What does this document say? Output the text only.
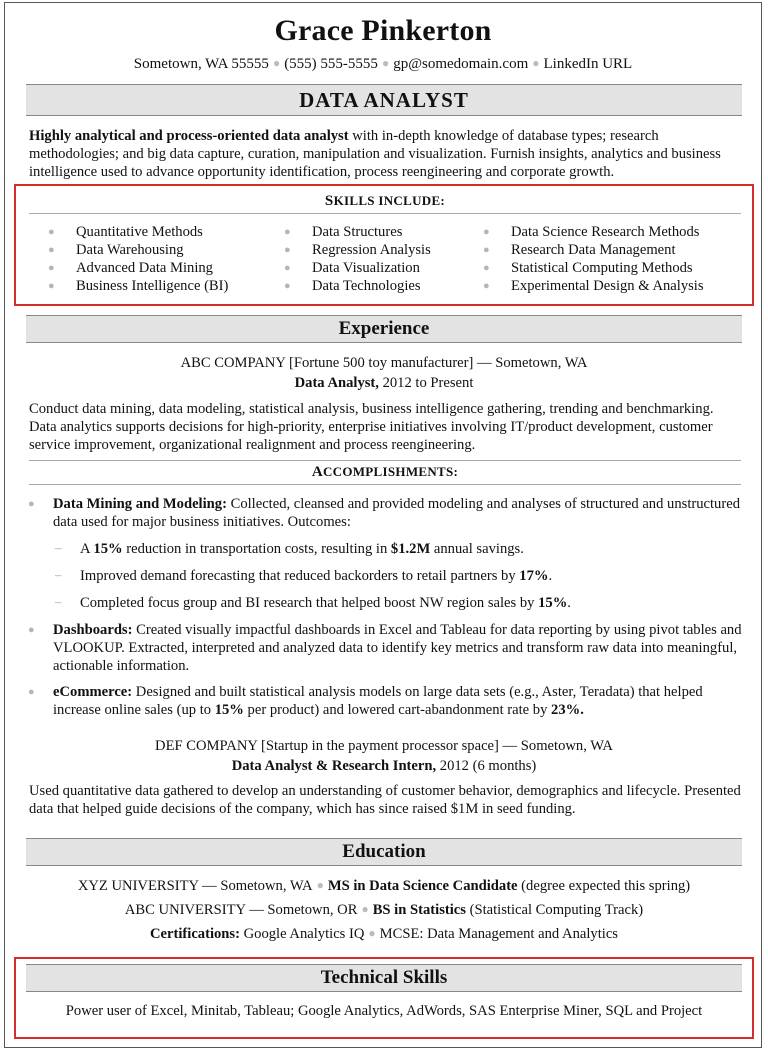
Grace Pinkerton
Sometown, WA 55555 ● (555) 555-5555 ● gp@somedomain.com ● LinkedIn URL
DATA ANALYST
Highly analytical and process-oriented data analyst with in-depth knowledge of database types; research methodologies; and big data capture, curation, manipulation and visualization. Furnish insights, analytics and business intelligence used to advance opportunity identification, process reengineering and corporate growth.
SKILLS INCLUDE:
● Quantitative Methods
● Data Warehousing
● Advanced Data Mining
● Business Intelligence (BI)
● Data Structures
● Regression Analysis
● Data Visualization
● Data Technologies
● Data Science Research Methods
● Research Data Management
● Statistical Computing Methods
● Experimental Design & Analysis
Experience
ABC COMPANY [Fortune 500 toy manufacturer] — Sometown, WA
Data Analyst, 2012 to Present
Conduct data mining, data modeling, statistical analysis, business intelligence gathering, trending and benchmarking. Data analytics supports decisions for high-priority, enterprise initiatives involving IT/product development, customer service improvement, organizational realignment and process reengineering.
ACCOMPLISHMENTS:
● Data Mining and Modeling: Collected, cleansed and provided modeling and analyses of structured and unstructured data used for major business initiatives. Outcomes:
– A 15% reduction in transportation costs, resulting in $1.2M annual savings.
– Improved demand forecasting that reduced backorders to retail partners by 17%.
– Completed focus group and BI research that helped boost NW region sales by 15%.
● Dashboards: Created visually impactful dashboards in Excel and Tableau for data reporting by using pivot tables and VLOOKUP. Extracted, interpreted and analyzed data to identify key metrics and transform raw data into meaningful, actionable information.
● eCommerce: Designed and built statistical analysis models on large data sets (e.g., Aster, Teradata) that helped increase online sales (up to 15% per product) and lowered cart-abandonment rate by 23%.
DEF COMPANY [Startup in the payment processor space] — Sometown, WA
Data Analyst & Research Intern, 2012 (6 months)
Used quantitative data gathered to develop an understanding of customer behavior, demographics and lifecycle. Presented data that helped guide decisions of the company, which has since raised $1M in seed funding.
Education
XYZ UNIVERSITY — Sometown, WA ● MS in Data Science Candidate (degree expected this spring)
ABC UNIVERSITY — Sometown, OR ● BS in Statistics (Statistical Computing Track)
Certifications: Google Analytics IQ ● MCSE: Data Management and Analytics
Technical Skills
Power user of Excel, Minitab, Tableau; Google Analytics, AdWords, SAS Enterprise Miner, SQL and Project
